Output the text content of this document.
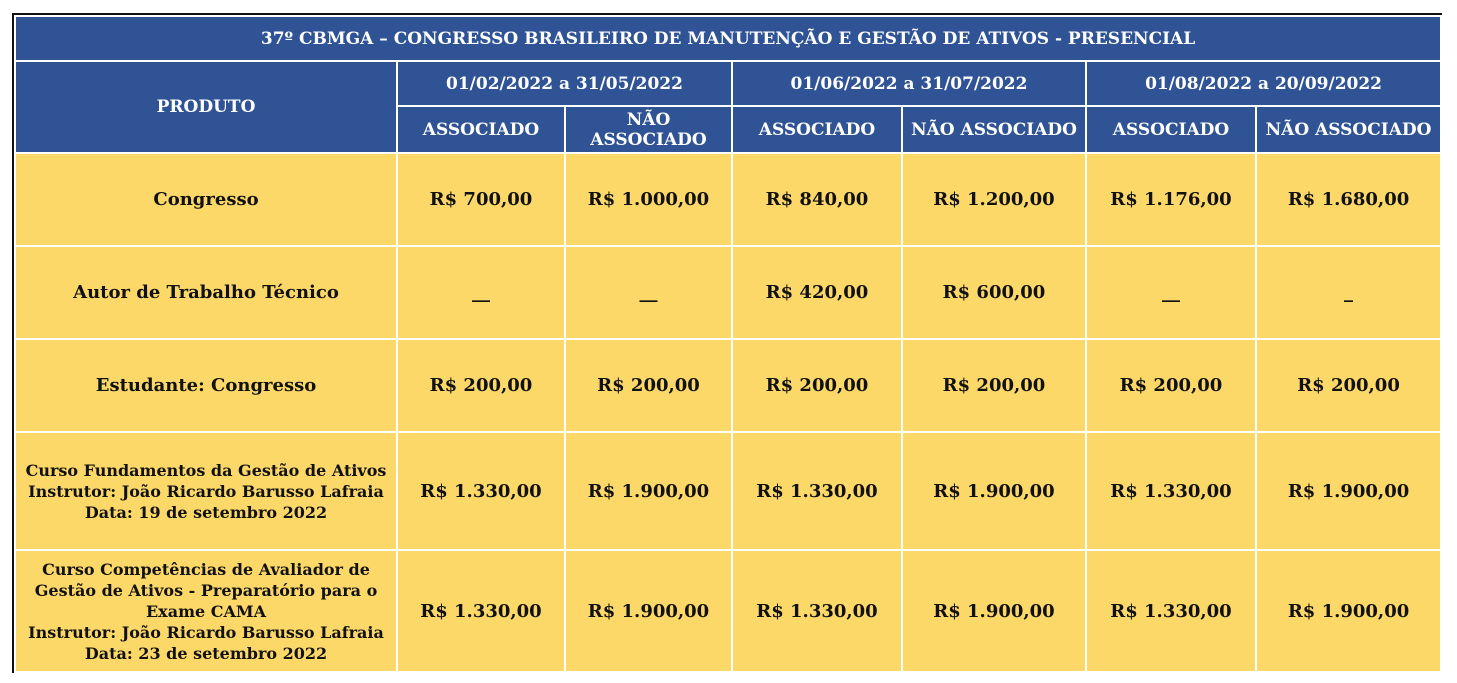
37º CBMGA – CONGRESSO BRASILEIRO DE MANUTENÇÃO E GESTÃO DE ATIVOS - PRESENCIAL						
PRODUTO	01/02/2022 a 31/05/2022		01/06/2022 a 31/07/2022		01/08/2022 a 20/09/2022	
	ASSOCIADO	NÃO ASSOCIADO	ASSOCIADO	NÃO ASSOCIADO	ASSOCIADO	NÃO ASSOCIADO

Congresso	R$ 700,00	R$ 1.000,00	R$ 840,00	R$ 1.200,00	R$ 1.176,00	R$ 1.680,00

Autor de Trabalho Técnico	__	__	R$ 420,00	R$ 600,00	__	_

Estudante: Congresso	R$ 200,00	R$ 200,00	R$ 200,00	R$ 200,00	R$ 200,00	R$ 200,00

Curso Fundamentos da Gestão de Ativos
Instrutor: João Ricardo Barusso Lafraia
Data: 19 de setembro 2022	R$ 1.330,00	R$ 1.900,00	R$ 1.330,00	R$ 1.900,00	R$ 1.330,00	R$ 1.900,00

Curso Competências de Avaliador de
Gestão de Ativos - Preparatório para o
Exame CAMA
Instrutor: João Ricardo Barusso Lafraia
Data: 23 de setembro 2022	R$ 1.330,00	R$ 1.900,00	R$ 1.330,00	R$ 1.900,00	R$ 1.330,00	R$ 1.900,00
